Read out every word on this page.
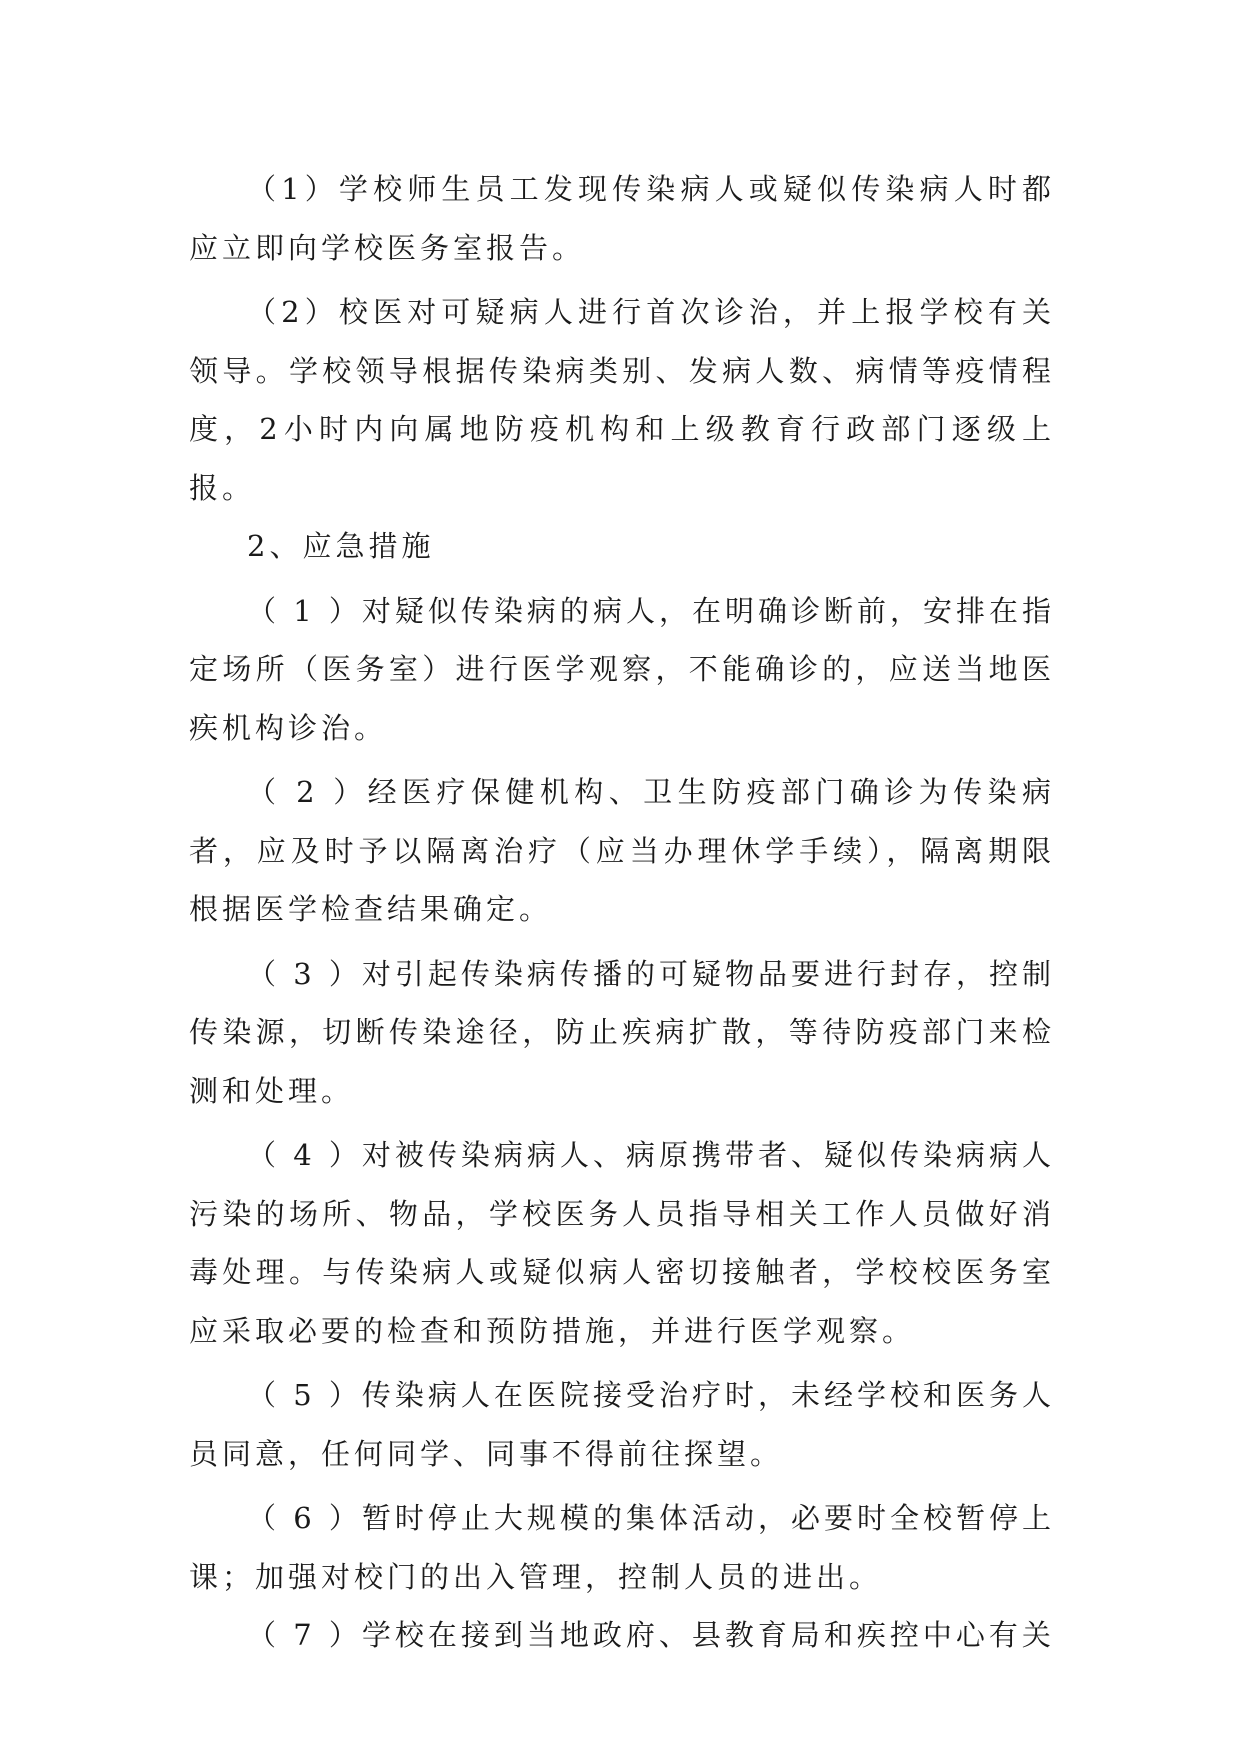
（1）学校师生员工发现传染病人或疑似传染病人时都应立即向学校医务室报告。

（2）校医对可疑病人进行首次诊治，并上报学校有关领导。学校领导根据传染病类别、发病人数、病情等疫情程度，2小时内向属地防疫机构和上级教育行政部门逐级上报。

2、应急措施

（ 1 ）对疑似传染病的病人，在明确诊断前，安排在指定场所（医务室）进行医学观察，不能确诊的，应送当地医疾机构诊治。

（ 2 ）经医疗保健机构、卫生防疫部门确诊为传染病者，应及时予以隔离治疗（应当办理休学手续），隔离期限根据医学检查结果确定。

（ 3 ）对引起传染病传播的可疑物品要进行封存，控制传染源，切断传染途径，防止疾病扩散，等待防疫部门来检测和处理。

（ 4 ）对被传染病病人、病原携带者、疑似传染病病人污染的场所、物品，学校医务人员指导相关工作人员做好消毒处理。与传染病人或疑似病人密切接触者，学校校医务室应采取必要的检查和预防措施，并进行医学观察。

（ 5 ）传染病人在医院接受治疗时，未经学校和医务人员同意，任何同学、同事不得前往探望。

（ 6 ）暂时停止大规模的集体活动，必要时全校暂停上课；加强对校门的出入管理，控制人员的进出。

（ 7 ）学校在接到当地政府、县教育局和疾控中心有关
